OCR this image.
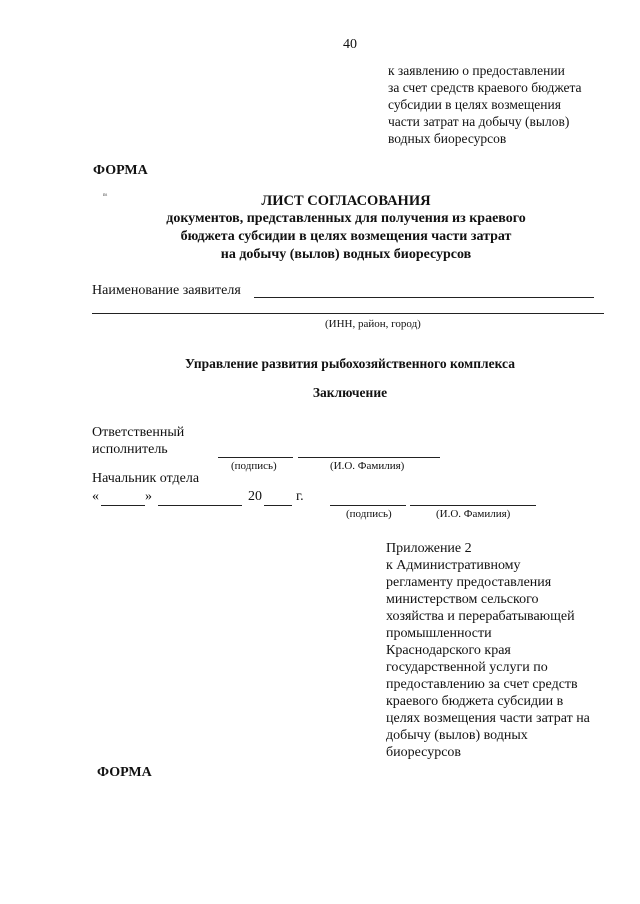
40
к заявлению о предоставлении
за счет средств краевого бюджета
субсидии в целях возмещения
части затрат на добычу (вылов)
водных биоресурсов
ФОРМА
ⁿˢ	ЛИСТ СОГЛАСОВАНИЯ
документов, представленных для получения из краевого
бюджета субсидии в целях возмещения части затрат
на добычу (вылов) водных биоресурсов
Наименование заявителя
(ИНН, район, город)
Управление развития рыбохозяйственного комплекса
Заключение
Ответственный
исполнитель
(подпись)	(И.О. Фамилия)
Начальник отдела
«	»	20 г.
(подпись)	(И.О. Фамилия)
Приложение 2
к Административному
регламенту предоставления
министерством сельского
хозяйства и перерабатывающей
промышленности
Краснодарского края
государственной услуги по
предоставлению за счет средств
краевого бюджета субсидии в
целях возмещения части затрат на
добычу (вылов) водных
биоресурсов
ФОРМА
